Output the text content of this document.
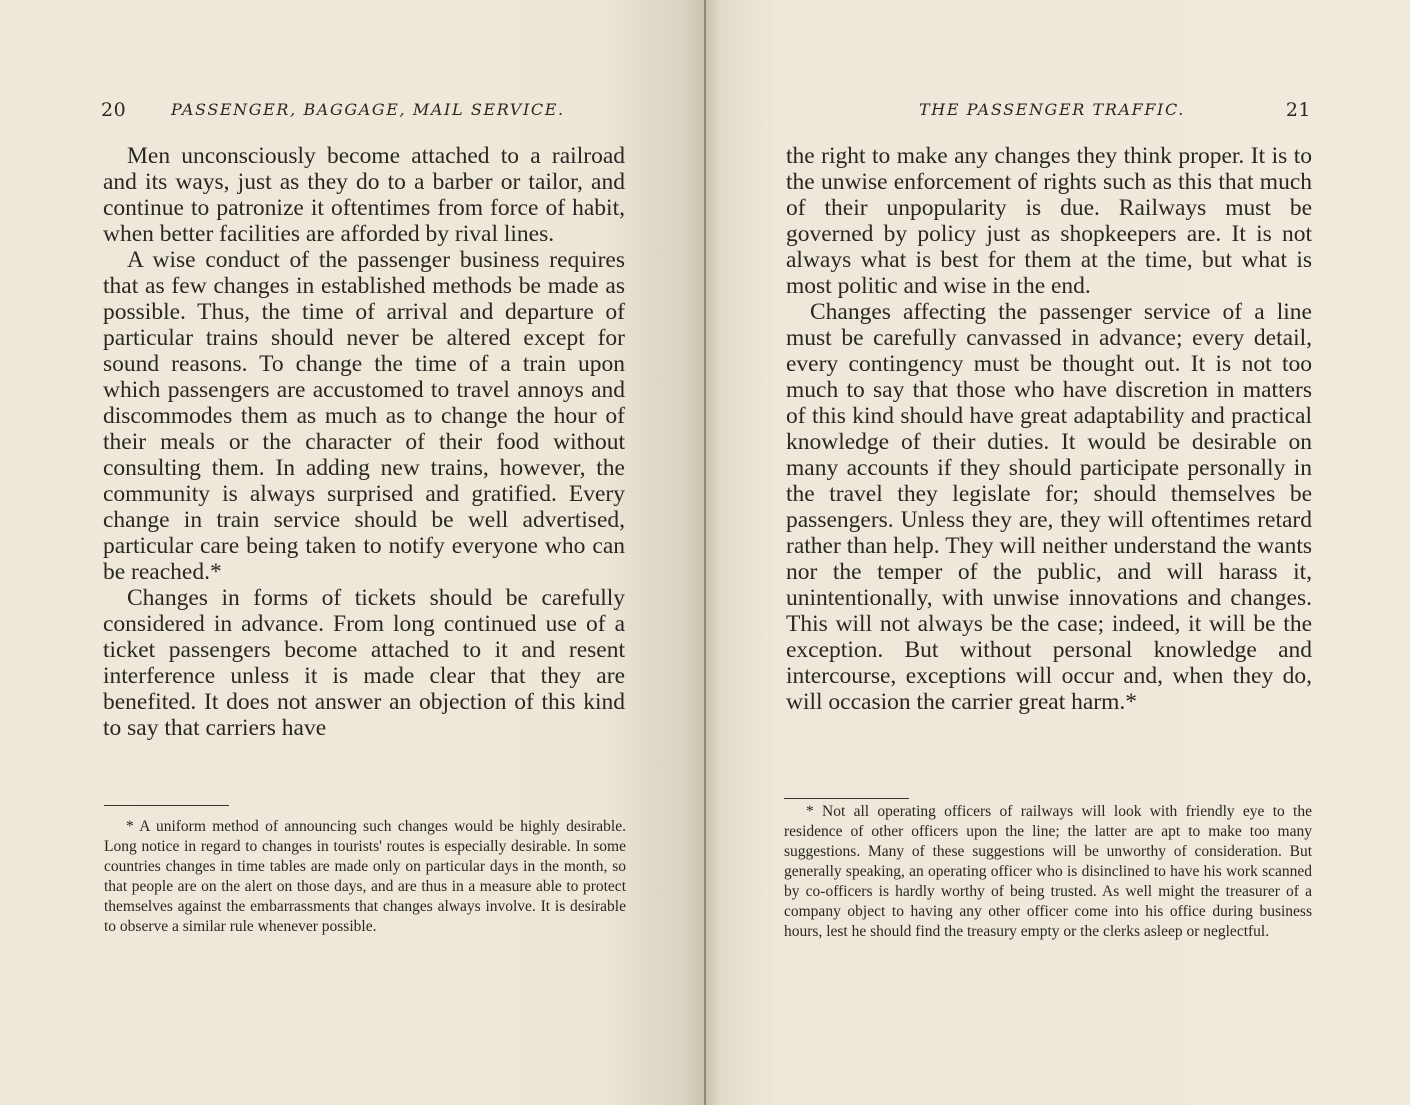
20	PASSENGER, BAGGAGE, MAIL SERVICE.

Men unconsciously become attached to a railroad and its ways, just as they do to a barber or tailor, and continue to patronize it oftentimes from force of habit, when better facilities are afforded by rival lines.

A wise conduct of the passenger business requires that as few changes in established methods be made as possible. Thus, the time of arrival and departure of particular trains should never be altered except for sound reasons. To change the time of a train upon which passengers are accustomed to travel annoys and discommodes them as much as to change the hour of their meals or the character of their food without consulting them. In adding new trains, however, the community is always surprised and gratified. Every change in train service should be well advertised, particular care being taken to notify everyone who can be reached.*

Changes in forms of tickets should be carefully considered in advance. From long continued use of a ticket passengers become attached to it and resent interference unless it is made clear that they are benefited. It does not answer an objection of this kind to say that carriers have

* A uniform method of announcing such changes would be highly desirable. Long notice in regard to changes in tourists' routes is especially desirable. In some countries changes in time tables are made only on particular days in the month, so that people are on the alert on those days, and are thus in a measure able to protect themselves against the embarrassments that changes always involve. It is desirable to observe a similar rule whenever possible.

THE PASSENGER TRAFFIC.	21

the right to make any changes they think proper. It is to the unwise enforcement of rights such as this that much of their unpopularity is due. Railways must be governed by policy just as shopkeepers are. It is not always what is best for them at the time, but what is most politic and wise in the end.

Changes affecting the passenger service of a line must be carefully canvassed in advance; every detail, every contingency must be thought out. It is not too much to say that those who have discretion in matters of this kind should have great adaptability and practical knowledge of their duties. It would be desirable on many accounts if they should participate personally in the travel they legislate for; should themselves be passengers. Unless they are, they will oftentimes retard rather than help. They will neither understand the wants nor the temper of the public, and will harass it, unintentionally, with unwise innovations and changes. This will not always be the case; indeed, it will be the exception. But without personal knowledge and intercourse, exceptions will occur and, when they do, will occasion the carrier great harm.*

* Not all operating officers of railways will look with friendly eye to the residence of other officers upon the line; the latter are apt to make too many suggestions. Many of these suggestions will be unworthy of consideration. But generally speaking, an operating officer who is disinclined to have his work scanned by co-officers is hardly worthy of being trusted. As well might the treasurer of a company object to having any other officer come into his office during business hours, lest he should find the treasury empty or the clerks asleep or neglectful.
